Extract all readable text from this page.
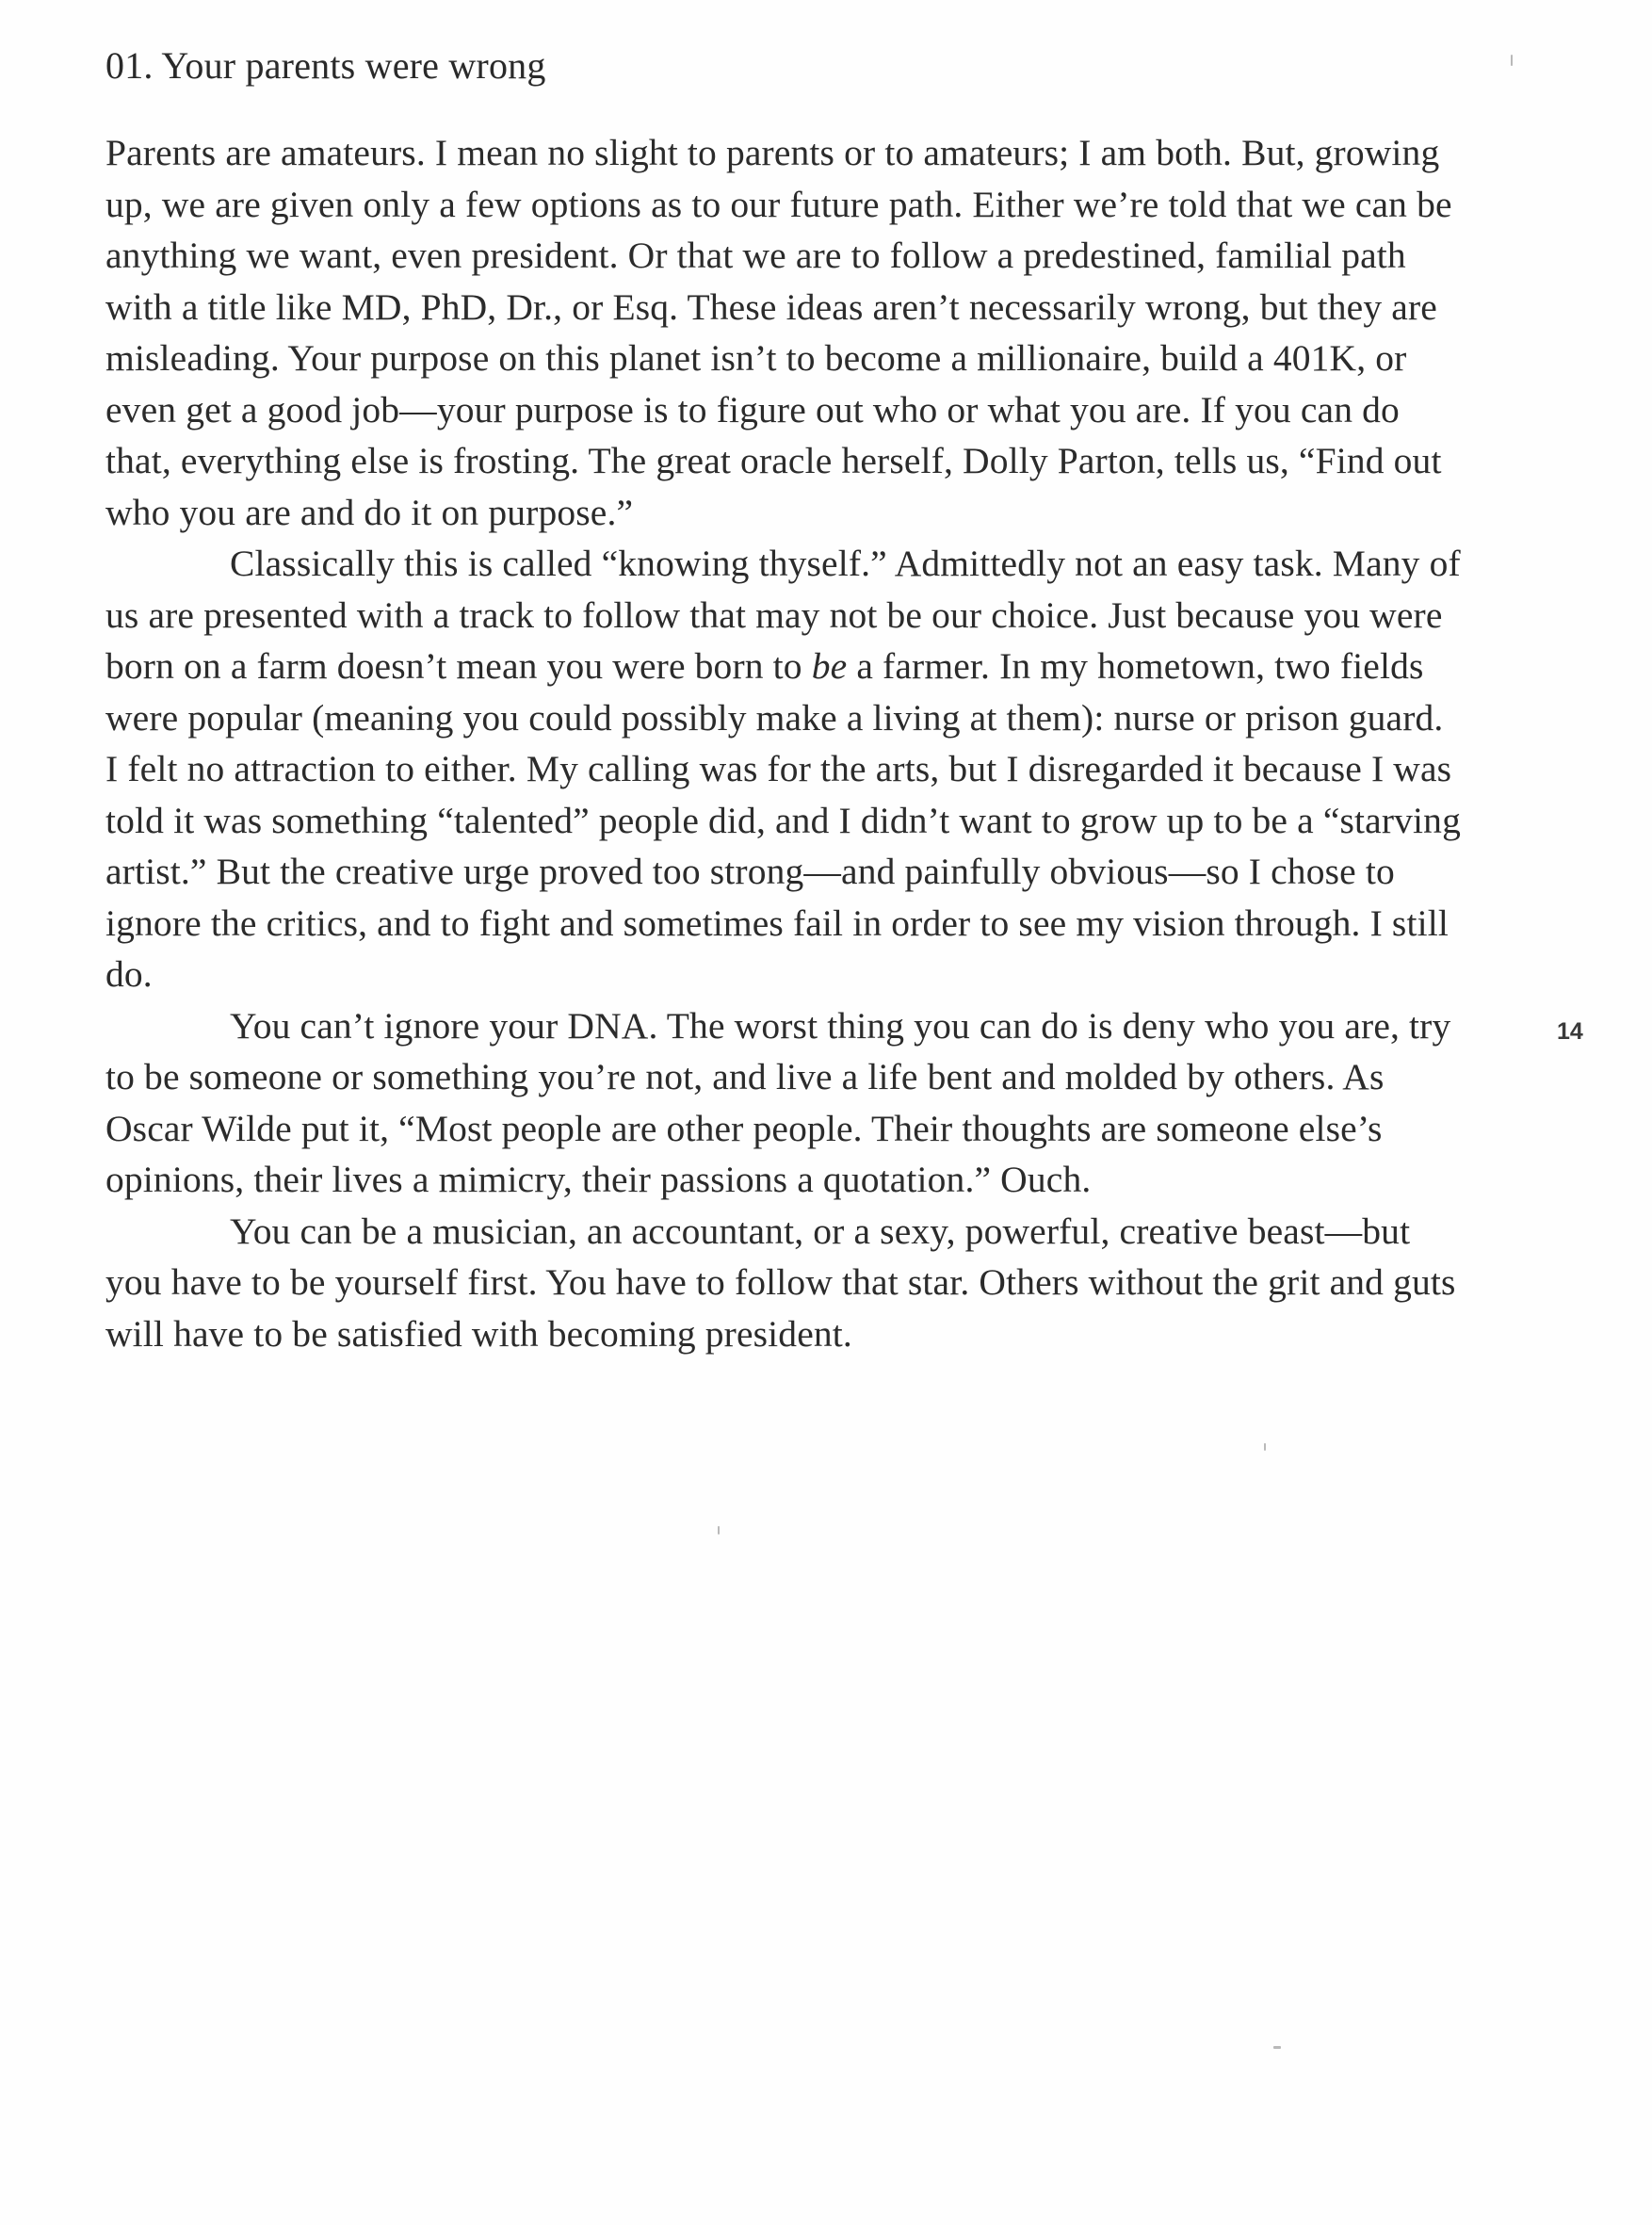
01. Your parents were wrong

Parents are amateurs. I mean no slight to parents or to amateurs; I am both. But, growing up, we are given only a few options as to our future path. Either we’re told that we can be anything we want, even president. Or that we are to follow a predestined, familial path with a title like MD, PhD, Dr., or Esq. These ideas aren’t necessarily wrong, but they are misleading. Your purpose on this planet isn’t to become a millionaire, build a 401K, or even get a good job—your purpose is to figure out who or what you are. If you can do that, everything else is frosting. The great oracle herself, Dolly Parton, tells us, “Find out who you are and do it on purpose.”

Classically this is called “knowing thyself.” Admittedly not an easy task. Many of us are presented with a track to follow that may not be our choice. Just because you were born on a farm doesn’t mean you were born to be a farmer. In my hometown, two fields were popular (meaning you could possibly make a living at them): nurse or prison guard. I felt no attraction to either. My calling was for the arts, but I disregarded it because I was told it was something “talented” people did, and I didn’t want to grow up to be a “starving artist.” But the creative urge proved too strong—and painfully obvious—so I chose to ignore the critics, and to fight and sometimes fail in order to see my vision through. I still do.

You can’t ignore your DNA. The worst thing you can do is deny who you are, try to be someone or something you’re not, and live a life bent and molded by others. As Oscar Wilde put it, “Most people are other people. Their thoughts are someone else’s opinions, their lives a mimicry, their passions a quotation.” Ouch.

You can be a musician, an accountant, or a sexy, powerful, creative beast—but you have to be yourself first. You have to follow that star. Others without the grit and guts will have to be satisfied with becoming president.

14
